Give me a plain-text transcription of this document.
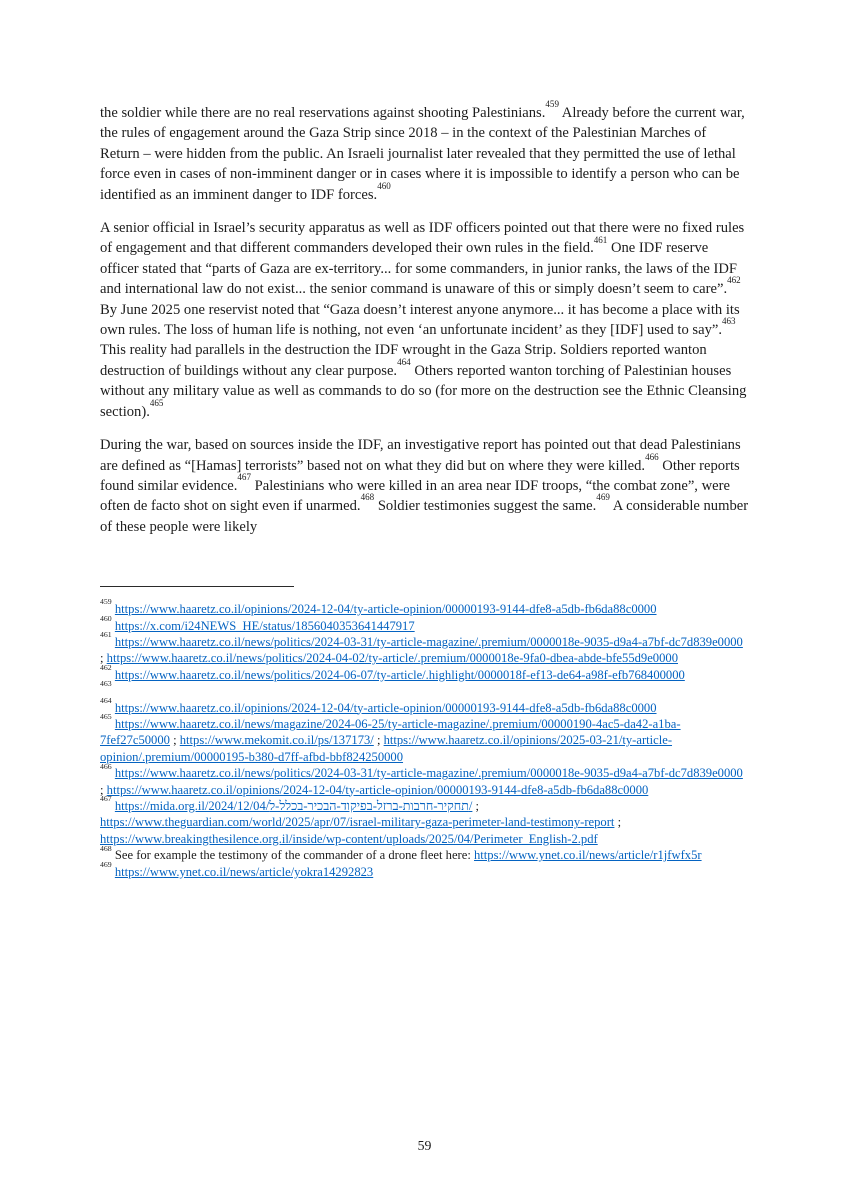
the soldier while there are no real reservations against shooting Palestinians.$^{459}$ Already before the current war, the rules of engagement around the Gaza Strip since 2018 – in the context of the Palestinian Marches of Return – were hidden from the public. An Israeli journalist later revealed that they permitted the use of lethal force even in cases of non-imminent danger or in cases where it is impossible to identify a person who can be identified as an imminent danger to IDF forces.$^{460}$

A senior official in Israel’s security apparatus as well as IDF officers pointed out that there were no fixed rules of engagement and that different commanders developed their own rules in the field.$^{461}$ One IDF reserve officer stated that “parts of Gaza are ex-territory... for some commanders, in junior ranks, the laws of the IDF and international law do not exist... the senior command is unaware of this or simply doesn’t seem to care”.$^{462}$ By June 2025 one reservist noted that “Gaza doesn’t interest anyone anymore... it has become a place with its own rules. The loss of human life is nothing, not even ‘an unfortunate incident’ as they [IDF] used to say”.$^{463}$ This reality had parallels in the destruction the IDF wrought in the Gaza Strip. Soldiers reported wanton destruction of buildings without any clear purpose.$^{464}$ Others reported wanton torching of Palestinian houses without any military value as well as commands to do so (for more on the destruction see the Ethnic Cleansing section).$^{465}$

During the war, based on sources inside the IDF, an investigative report has pointed out that dead Palestinians are defined as “[Hamas] terrorists” based not on what they did but on where they were killed.$^{466}$ Other reports found similar evidence.$^{467}$ Palestinians who were killed in an area near IDF troops, “the combat zone”, were often de facto shot on sight even if unarmed.$^{468}$ Soldier testimonies suggest the same.$^{469}$ A considerable number of these people were likely

$^{459}$ https://www.haaretz.co.il/opinions/2024-12-04/ty-article-opinion/00000193-9144-dfe8-a5db-fb6da88c0000
$^{460}$ https://x.com/i24NEWS_HE/status/1856040353641447917
$^{461}$ https://www.haaretz.co.il/news/politics/2024-03-31/ty-article-magazine/.premium/0000018e-9035-d9a4-a7bf-dc7d839e0000 ; https://www.haaretz.co.il/news/politics/2024-04-02/ty-article/.premium/0000018e-9fa0-dbea-abde-bfe55d9e0000
$^{462}$ https://www.haaretz.co.il/news/politics/2024-06-07/ty-article/.highlight/0000018f-ef13-de64-a98f-efb768400000
$^{463}$
$^{464}$ https://www.haaretz.co.il/opinions/2024-12-04/ty-article-opinion/00000193-9144-dfe8-a5db-fb6da88c0000
$^{465}$ https://www.haaretz.co.il/news/magazine/2024-06-25/ty-article-magazine/.premium/00000190-4ac5-da42-a1ba-7fef27c50000 ; https://www.mekomit.co.il/ps/137173/ ; https://www.haaretz.co.il/opinions/2025-03-21/ty-article-opinion/.premium/00000195-b380-d7ff-afbd-bbf824250000
$^{466}$ https://www.haaretz.co.il/news/politics/2024-03-31/ty-article-magazine/.premium/0000018e-9035-d9a4-a7bf-dc7d839e0000 ; https://www.haaretz.co.il/opinions/2024-12-04/ty-article-opinion/00000193-9144-dfe8-a5db-fb6da88c0000
$^{467}$ https://mida.org.il/2024/12/04/תחקיר-חרבות-ברזל-בפיקוד-הבכיר-בכלל-ל/ ; https://www.theguardian.com/world/2025/apr/07/israel-military-gaza-perimeter-land-testimony-report ; https://www.breakingthesilence.org.il/inside/wp-content/uploads/2025/04/Perimeter_English-2.pdf
$^{468}$ See for example the testimony of the commander of a drone fleet here: https://www.ynet.co.il/news/article/r1jfwfx5r
$^{469}$ https://www.ynet.co.il/news/article/yokra14292823
59
